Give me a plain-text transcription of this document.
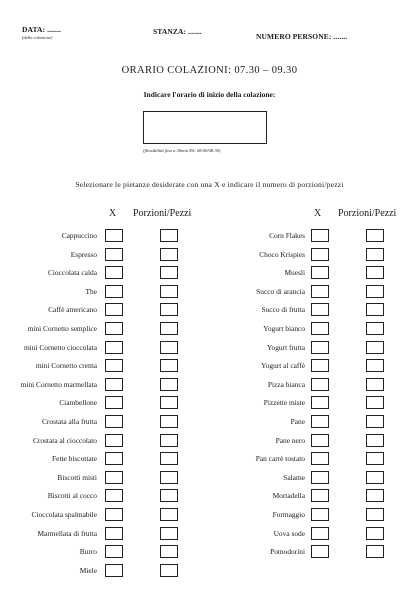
DATA: .......
(della colazione)
STANZA: .......
NUMERO PERSONE: .......
ORARIO COLAZIONI: 07.30 – 09.30
Indicare l'orario di inizio della colazione:
(flessibilità fino a 30min ES: 08.00/08.30)
Selezionare le pietanze desiderate con una X e indicare il numero di porzioni/pezzi
X Porzioni/Pezzi	X Porzioni/Pezzi
Cappuccino
Espresso
Cioccolata calda
The
Caffè americano
mini Cornetto semplice
mini Cornetto cioccolata
mini Cornetto crema
mini Cornetto marmellata
Ciambellone
Crostata alla frutta
Crostata al cioccolato
Fette biscottate
Biscotti misti
Biscotti al cocco
Cioccolata spalmabile
Marmellata di frutta
Burro
Miele
Corn Flakes
Choco Krispies
Muesli
Succo di arancia
Succo di frutta
Yogurt bianco
Yogurt frutta
Yogurt al caffè
Pizza bianca
Pizzette miste
Pane
Pane nero
Pan carrè tostato
Salame
Mortadella
Formaggio
Uova sode
Pomodorini
